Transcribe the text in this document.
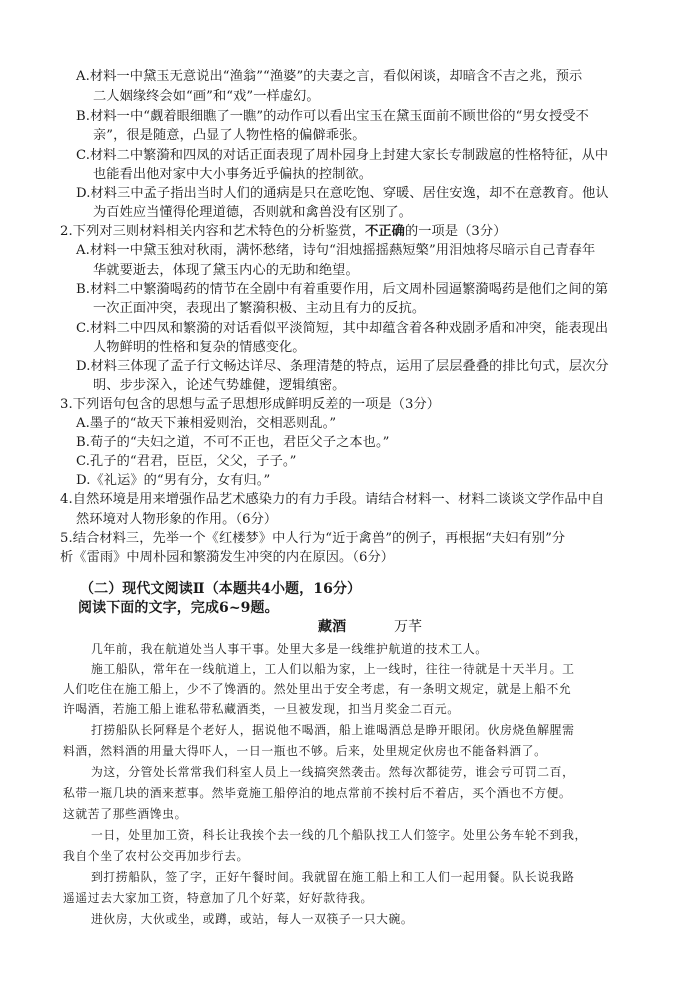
A.材料一中黛玉无意说出“渔翁”“渔婆”的夫妻之言，看似闲谈，却暗含不吉之兆，预示
二人姻缘终会如“画”和“戏”一样虚幻。
B.材料一中“觑着眼细瞧了一瞧”的动作可以看出宝玉在黛玉面前不顾世俗的“男女授受不
亲”，很是随意，凸显了人物性格的偏僻乖张。
C.材料二中繁漪和四凤的对话正面表现了周朴园身上封建大家长专制跋扈的性格特征，从中
也能看出他对家中大小事务近乎偏执的控制欲。
D.材料三中孟子指出当时人们的通病是只在意吃饱、穿暖、居住安逸，却不在意教育。他认
为百姓应当懂得伦理道德，否则就和禽兽没有区别了。
2.下列对三则材料相关内容和艺术特色的分析鉴赏，不正确的一项是（3分）
A.材料一中黛玉独对秋雨，满怀愁绪，诗句“泪烛摇摇爇短檠”用泪烛将尽暗示自己青春年
华就要逝去，体现了黛玉内心的无助和绝望。
B.材料二中繁漪喝药的情节在全剧中有着重要作用，后文周朴园逼繁漪喝药是他们之间的第
一次正面冲突，表现出了繁漪积极、主动且有力的反抗。
C.材料二中四凤和繁漪的对话看似平淡简短，其中却蕴含着各种戏剧矛盾和冲突，能表现出
人物鲜明的性格和复杂的情感变化。
D.材料三体现了孟子行文畅达详尽、条理清楚的特点，运用了层层叠叠的排比句式，层次分
明、步步深入，论述气势雄健，逻辑缜密。
3.下列语句包含的思想与孟子思想形成鲜明反差的一项是（3分）
A.墨子的“故天下兼相爱则治，交相恶则乱。”
B.荀子的“夫妇之道，不可不正也，君臣父子之本也。”
C.孔子的“君君，臣臣，父父，子子。”
D.《礼运》的“男有分，女有归。”
4.自然环境是用来增强作品艺术感染力的有力手段。请结合材料一、材料二谈谈文学作品中自
然环境对人物形象的作用。（6分）
5.结合材料三，先举一个《红楼梦》中人行为“近于禽兽”的例子，再根据“夫妇有别”分
析《雷雨》中周朴园和繁漪发生冲突的内在原因。（6分）
（二）现代文阅读Ⅱ（本题共4小题，16分）
阅读下面的文字，完成6~9题。
藏酒	万芊
几年前，我在航道处当人事干事。处里大多是一线维护航道的技术工人。
施工船队，常年在一线航道上，工人们以船为家，上一线时，往往一待就是十天半月。工
人们吃住在施工船上，少不了馋酒的。然处里出于安全考虑，有一条明文规定，就是上船不允
许喝酒，若施工船上谁私带私藏酒类，一旦被发现，扣当月奖金二百元。
打捞船队长阿释是个老好人，据说他不喝酒，船上谁喝酒总是睁开眼闭。伙房烧鱼解腥需
料酒，然料酒的用量大得吓人，一日一瓶也不够。后来，处里规定伙房也不能备料酒了。
为这，分管处长常常我们科室人员上一线搞突然袭击。然每次都徒劳，谁会亏可罚二百，
私带一瓶几块的酒来惹事。然毕竟施工船停泊的地点常前不挨村后不着店，买个酒也不方便。
这就苦了那些酒馋虫。
一日，处里加工资，科长让我挨个去一线的几个船队找工人们签字。处里公务车轮不到我，
我自个坐了农村公交再加步行去。
到打捞船队，签了字，正好午餐时间。我就留在施工船上和工人们一起用餐。队长说我路
遥遥过去大家加工资，特意加了几个好菜，好好款待我。
进伙房，大伙或坐，或蹲，或站，每人一双筷子一只大碗。
